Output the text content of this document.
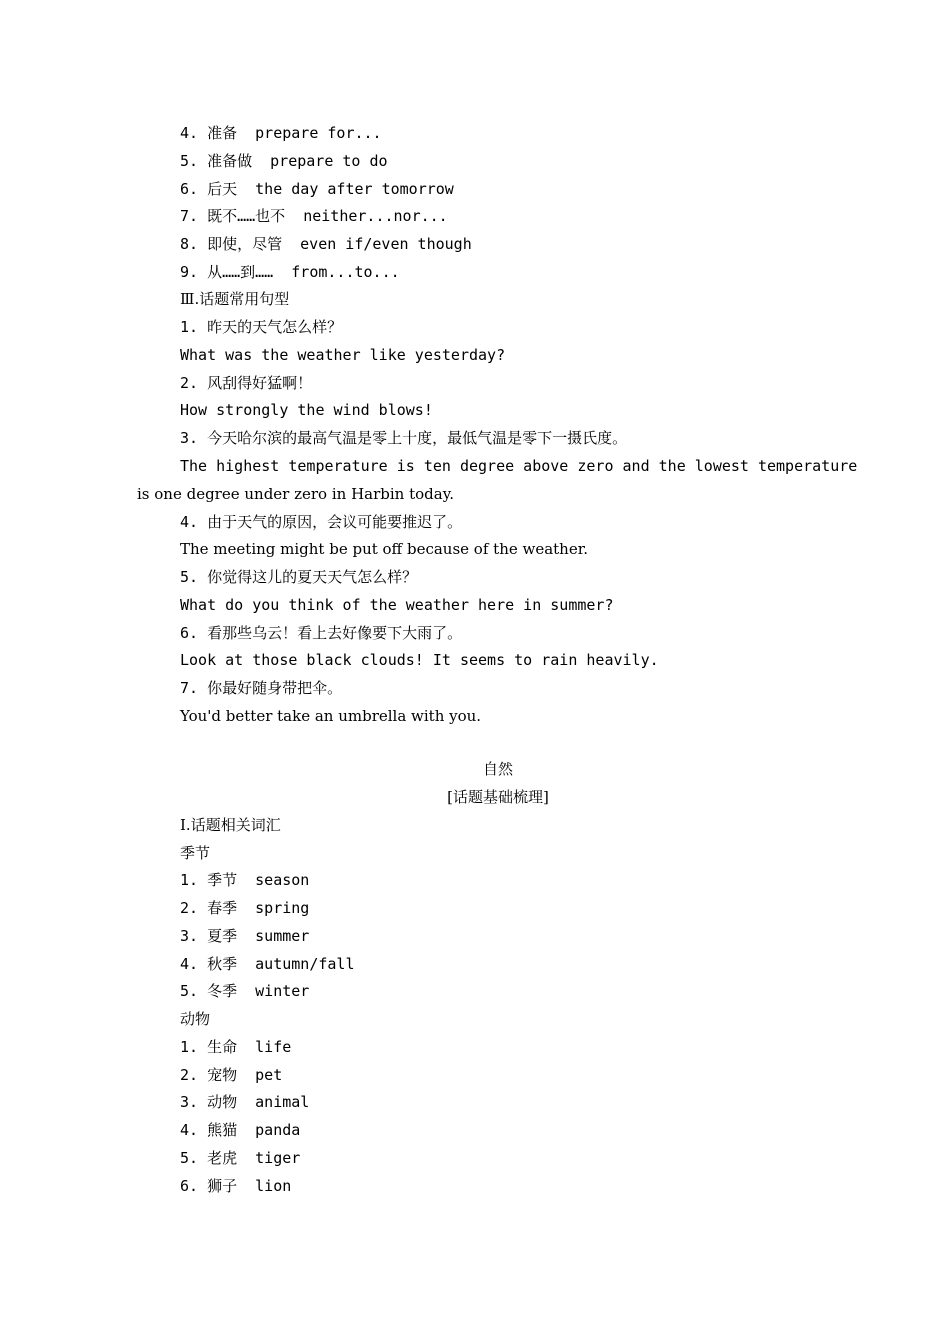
4. 准备  prepare for...
5. 准备做  prepare to do
6. 后天  the day after tomorrow
7. 既不……也不  neither...nor...
8. 即使，尽管  even if/even though
9. 从……到……  from...to...
Ⅲ.话题常用句型
1. 昨天的天气怎么样？
What was the weather like yesterday?
2. 风刮得好猛啊！
How strongly the wind blows!
3. 今天哈尔滨的最高气温是零上十度，最低气温是零下一摄氏度。
The highest temperature is ten degree above zero and the lowest temperature
is one degree under zero in Harbin today.
4. 由于天气的原因，会议可能要推迟了。
The meeting might be put off because of the weather.
5. 你觉得这儿的夏天天气怎么样？
What do you think of the weather here in summer?
6. 看那些乌云！看上去好像要下大雨了。
Look at those black clouds! It seems to rain heavily.
7. 你最好随身带把伞。
You'd better take an umbrella with you.
自然
[话题基础梳理]
Ⅰ.话题相关词汇
季节
1. 季节  season
2. 春季  spring
3. 夏季  summer
4. 秋季  autumn/fall
5. 冬季  winter
动物
1. 生命  life
2. 宠物  pet
3. 动物  animal
4. 熊猫  panda
5. 老虎  tiger
6. 狮子  lion
